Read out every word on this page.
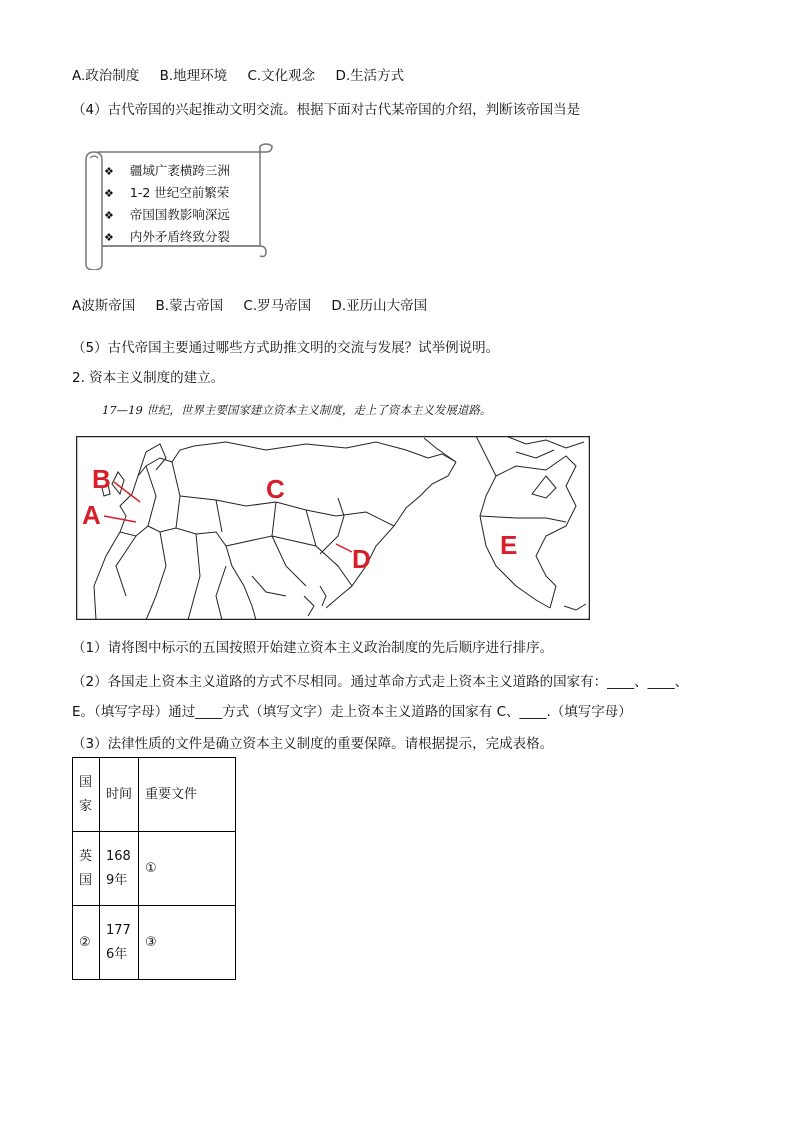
A.政治制度 B.地理环境 C.文化观念 D.生活方式
（4）古代帝国的兴起推动文明交流。根据下面对古代某帝国的介绍，判断该帝国当是
❖ 疆域广袤横跨三洲
❖ 1-2 世纪空前繁荣
❖ 帝国国教影响深远
❖ 内外矛盾终致分裂
A波斯帝国 B.蒙古帝国 C.罗马帝国 D.亚历山大帝国
（5）古代帝国主要通过哪些方式助推文明的交流与发展？试举例说明。
2. 资本主义制度的建立。
17—19 世纪，世界主要国家建立资本主义制度，走上了资本主义发展道路。
B
A
C
D	E
（1）请将图中标示的五国按照开始建立资本主义政治制度的先后顺序进行排序。
（2）各国走上资本主义道路的方式不尽相同。通过革命方式走上资本主义道路的国家有：____、____、
E。（填写字母）通过____方式（填写文字）走上资本主义道路的国家有 C、____.（填写字母）
（3）法律性质的文件是确立资本主义制度的重要保障。请根据提示，完成表格。
国家	时间	重要文件
英国	1689年	①
②	1776年	③
